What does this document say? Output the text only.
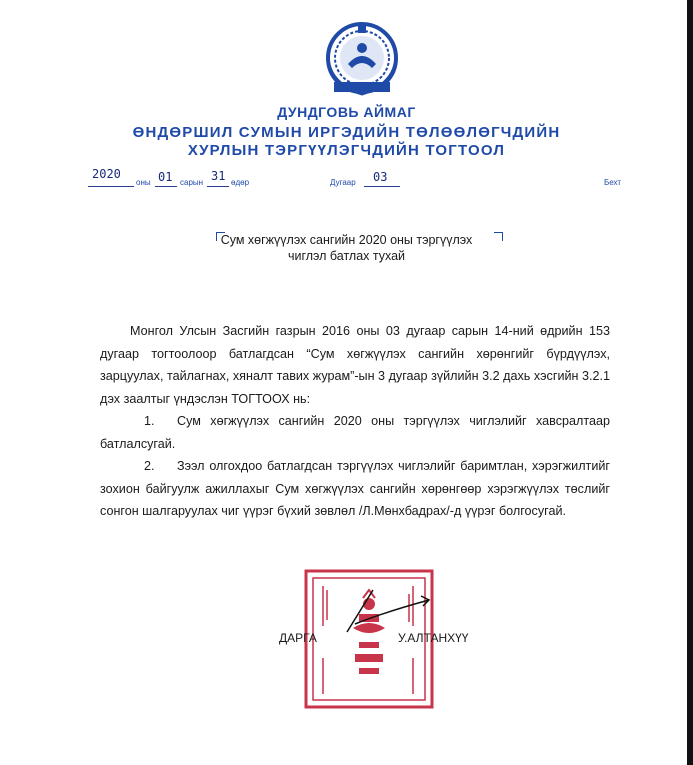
ДУНДГОВЬ АЙМАГ
ӨНДӨРШИЛ СУМЫН ИРГЭДИЙН ТӨЛӨӨЛӨГЧДИЙН
ХУРЛЫН ТЭРГҮҮЛЭГЧДИЙН ТОГТООЛ
2020
оны 01 сарын 31 өдөр	Дугаар 03	Бехт
Сум хөгжүүлэх сангийн 2020 оны тэргүүлэх
чиглэл батлах тухай
Монгол Улсын Засгийн газрын 2016 оны 03 дугаар сарын 14-ний өдрийн 153 дугаар тогтоолоор батлагдсан “Сум хөгжүүлэх сангийн хөрөнгийг бүрдүүлэх, зарцуулах, тайлагнах, хяналт тавих журам”-ын 3 дугаар зүйлийн 3.2 дахь хэсгийн 3.2.1 дэх заалтыг үндэслэн ТОГТООХ нь:
1.	Сум хөгжүүлэх сангийн 2020 оны тэргүүлэх чиглэлийг хавсралтаар батлалсугай.
2.	Зээл олгохдоо батлагдсан тэргүүлэх чиглэлийг баримтлан, хэрэгжилтийг зохион байгуулж ажиллахыг Сум хөгжүүлэх сангийн хөрөнгөөр хэрэгжүүлэх төслийг сонгон шалгаруулах чиг үүрэг бүхий зөвлөл /Л.Мөнхбадрах/-д үүрэг болгосугай.
ДАРГА	У.АЛТАНХҮҮ
